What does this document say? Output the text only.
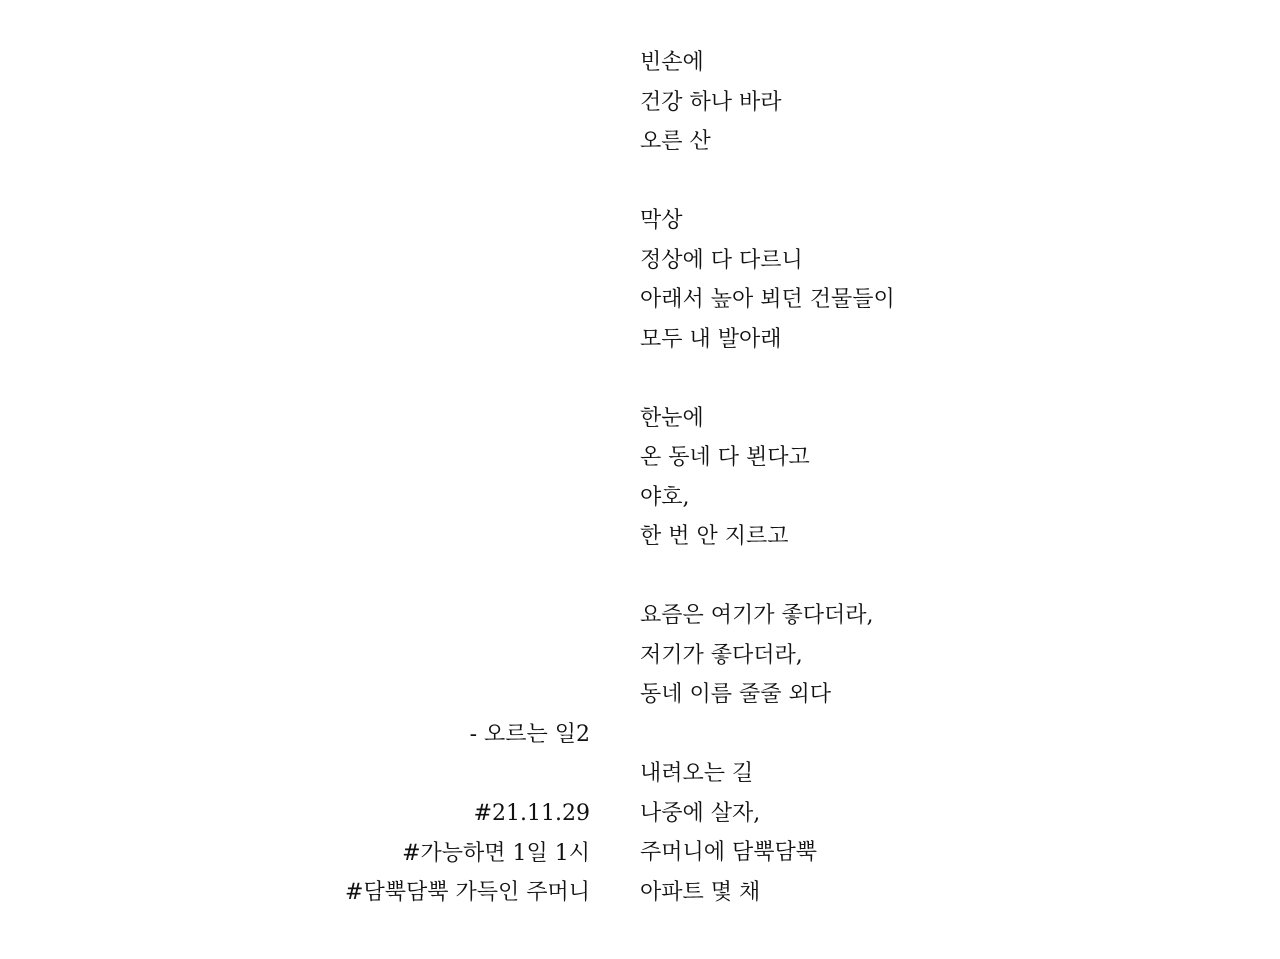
빈손에
건강 하나 바라
오른 산
막상
정상에 다 다르니
아래서 높아 뵈던 건물들이
모두 내 발아래
한눈에
온 동네 다 뵌다고
야호,
한 번 안 지르고
요즘은 여기가 좋다더라,
저기가 좋다더라,
동네 이름 줄줄 외다
내려오는 길
나중에 살자,
주머니에 담뿍담뿍
아파트 몇 채
- 오르는 일2
#21.11.29
#가능하면 1일 1시
#담뿍담뿍 가득인 주머니
